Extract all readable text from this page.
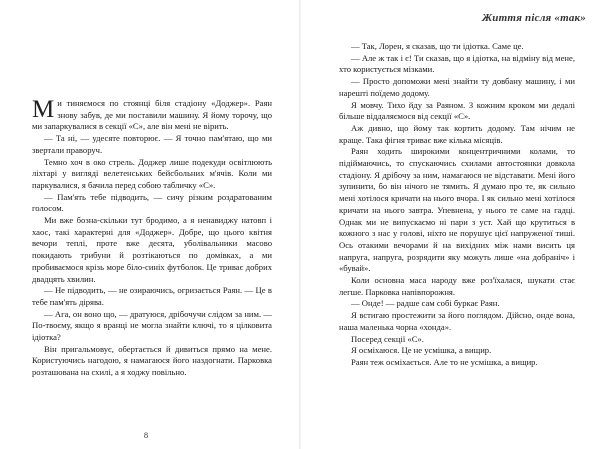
Ми тиняємося по стоянці біля стадіону «Доджер». Раян знову забув, де ми поставили машину. Я йому торочу, що ми запаркувалися в секції «С», але він мені не вірить.

— Та ні, — удесяте повторює. — Я точно пам'ятаю, що ми звертали праворуч.

Темно хоч в око стрель. Доджер лише подекуди освітлюють ліхтарі у вигляді велетенських бейсбольних м'ячів. Коли ми паркувалися, я бачила перед собою табличку «С».

— Пам'ять тебе підводить, — сичу різким роздратованим голосом.

Ми вже бозна-скільки тут бродимо, а я ненавиджу натовп і хаос, такі характерні для «Доджер». Добре, що цього квітня вечори теплі, проте вже десята, уболівальники масово покидають трибуни й розтікаються по домівках, а ми пробиваємося крізь море біло-синіх футболок. Це триває добрих двадцять хвилин.

— Не підводить, — не озираючись, огризається Раян. — Це в тебе пам'ять дірява.

— Ага, он воно що, — дратуюся, дрібочучи слідом за ним. — По-твоєму, якщо я вранці не могла знайти ключі, то я цілковита ідіотка?

Він пригальмовує, обертається й дивиться прямо на мене. Користуючись нагодою, я намагаюся його наздогнати. Парковка розташована на схилі, а я ходжу повільно.

8
Життя після «так»

— Так, Лорен, я сказав, що ти ідіотка. Саме це.

— Але ж так і є! Ти сказав, що я ідіотка, на відміну від мене, хто користується мізками.

— Просто допоможи мені знайти ту довбану машину, і ми нарешті поїдемо додому.

Я мовчу. Тихо йду за Раяном. З кожним кроком ми дедалі більше віддаляємося від секції «С».

Аж дивно, що йому так кортить додому. Там нічим не краще. Така фігня триває вже кілька місяців.

Раян ходить широкими концентричними колами, то підіймаючись, то спускаючись схилами автостоянки довкола стадіону. Я дрібочу за ним, намагаюся не відставати. Мені його зупинити, бо він нічого не тямить. Я думаю про те, як сильно мені хотілося кричати на нього вчора. І як сильно мені хотілося кричати на нього завтра. Упевнена, у нього те саме на гадці. Однак ми не випускаємо ні пари з уст. Хай що крутиться в кожного з нас у голові, ніхто не порушує цієї напруженої тиші. Ось отакими вечорами й на вихідних між нами висить ця напруга, напруга, розрядити яку можуть лише «на добраніч» і «бувай».

Коли основна маса народу вже роз'їхалася, шукати стає легше. Парковка напівпорожня.

— Онде! — радше сам собі буркає Раян.

Я встигаю простежити за його поглядом. Дійсно, онде вона, наша маленька чорна «хонда».

Посеред секції «С».

Я осміхаюся. Це не усмішка, а вищир.

Раян теж осміхається. Але то не усмішка, а вищир.
